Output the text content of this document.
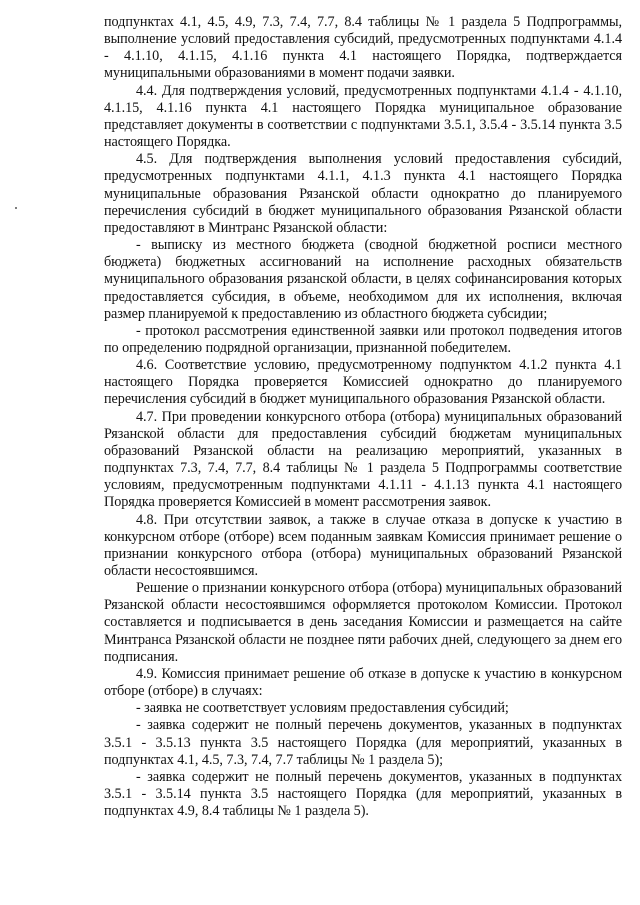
подпунктах 4.1, 4.5, 4.9, 7.3, 7.4, 7.7, 8.4 таблицы № 1 раздела 5 Подпрограммы, выполнение условий предоставления субсидий, предусмотренных подпунктами 4.1.4 - 4.1.10, 4.1.15, 4.1.16 пункта 4.1 настоящего Порядка, подтверждается муниципальными образованиями в момент подачи заявки.

4.4. Для подтверждения условий, предусмотренных подпунктами 4.1.4 - 4.1.10, 4.1.15, 4.1.16 пункта 4.1 настоящего Порядка муниципальное образование представляет документы в соответствии с подпунктами 3.5.1, 3.5.4 - 3.5.14 пункта 3.5 настоящего Порядка.

4.5. Для подтверждения выполнения условий предоставления субсидий, предусмотренных подпунктами 4.1.1, 4.1.3 пункта 4.1 настоящего Порядка муниципальные образования Рязанской области однократно до планируемого перечисления субсидий в бюджет муниципального образования Рязанской области предоставляют в Минтранс Рязанской области:

- выписку из местного бюджета (сводной бюджетной росписи местного бюджета) бюджетных ассигнований на исполнение расходных обязательств муниципального образования рязанской области, в целях софинансирования которых предоставляется субсидия, в объеме, необходимом для их исполнения, включая размер планируемой к предоставлению из областного бюджета субсидии;

- протокол рассмотрения единственной заявки или протокол подведения итогов по определению подрядной организации, признанной победителем.

4.6. Соответствие условию, предусмотренному подпунктом 4.1.2 пункта 4.1 настоящего Порядка проверяется Комиссией однократно до планируемого перечисления субсидий в бюджет муниципального образования Рязанской области.

4.7. При проведении конкурсного отбора (отбора) муниципальных образований Рязанской области для предоставления субсидий бюджетам муниципальных образований Рязанской области на реализацию мероприятий, указанных в подпунктах 7.3, 7.4, 7.7, 8.4 таблицы № 1 раздела 5 Подпрограммы соответствие условиям, предусмотренным подпунктами 4.1.11 - 4.1.13 пункта 4.1 настоящего Порядка проверяется Комиссией в момент рассмотрения заявок.

4.8. При отсутствии заявок, а также в случае отказа в допуске к участию в конкурсном отборе (отборе) всем поданным заявкам Комиссия принимает решение о признании конкурсного отбора (отбора) муниципальных образований Рязанской области несостоявшимся.

Решение о признании конкурсного отбора (отбора) муниципальных образований Рязанской области несостоявшимся оформляется протоколом Комиссии. Протокол составляется и подписывается в день заседания Комиссии и размещается на сайте Минтранса Рязанской области не позднее пяти рабочих дней, следующего за днем его подписания.

4.9. Комиссия принимает решение об отказе в допуске к участию в конкурсном отборе (отборе) в случаях:

- заявка не соответствует условиям предоставления субсидий;

- заявка содержит не полный перечень документов, указанных в подпунктах 3.5.1 - 3.5.13 пункта 3.5 настоящего Порядка (для мероприятий, указанных в подпунктах 4.1, 4.5, 7.3, 7.4, 7.7 таблицы № 1 раздела 5);

- заявка содержит не полный перечень документов, указанных в подпунктах 3.5.1 - 3.5.14 пункта 3.5 настоящего Порядка (для мероприятий, указанных в подпунктах 4.9, 8.4 таблицы № 1 раздела 5).
